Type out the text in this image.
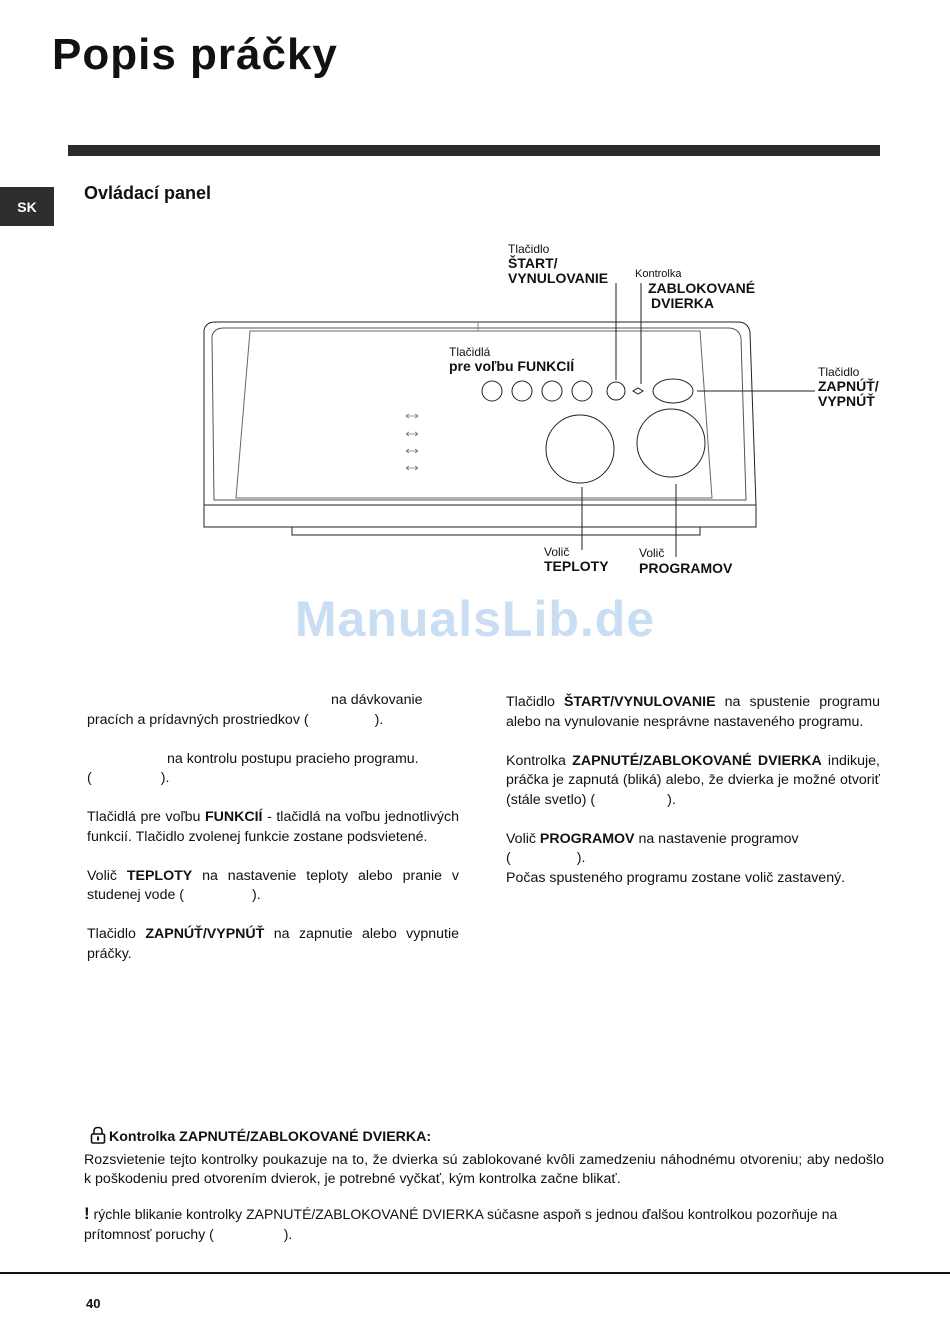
Popis práčky
SK
Ovládací panel
Tlačidlo
ŠTART/
VYNULOVANIE Kontrolka
ZABLOKOVANÉ
DVIERKA
Tlačidlá
pre voľbu FUNKCIÍ	Tlačidlo
ZAPNÚŤ/
VYPNÚŤ
Volič
TEPLOTY
Volič
PROGRAMOV
ManualsLib.de
na dávkovanie
pracích a prídavných prostriedkov (	).
na kontrolu postupu pracieho programu.
(	).
Tlačidlá pre voľbu FUNKCIÍ - tlačidlá na voľbu jednotlivých funkcií. Tlačidlo zvolenej funkcie zostane podsvietené.
Volič TEPLOTY na nastavenie teploty alebo pranie v studenej vode (	).
Tlačidlo ZAPNÚŤ/VYPNÚŤ na zapnutie alebo vypnutie práčky.
Tlačidlo ŠTART/VYNULOVANIE na spustenie programu alebo na vynulovanie nesprávne nastaveného programu.
Kontrolka ZAPNUTÉ/ZABLOKOVANÉ DVIERKA indikuje, práčka je zapnutá (bliká) alebo, že dvierka je možné otvoriť (stále svetlo) (	).
Volič PROGRAMOV na nastavenie programov
(	).
Počas spusteného programu zostane volič zastavený.
Kontrolka ZAPNUTÉ/ZABLOKOVANÉ DVIERKA:
Rozsvietenie tejto kontrolky poukazuje na to, že dvierka sú zablokované kvôli zamedzeniu náhodnému otvoreniu; aby nedošlo k poškodeniu pred otvorením dvierok, je potrebné vyčkať, kým kontrolka začne blikať.
! rýchle blikanie kontrolky ZAPNUTÉ/ZABLOKOVANÉ DVIERKA súčasne aspoň s jednou ďalšou kontrolkou pozorňuje na prítomnosť poruchy (	).
40
